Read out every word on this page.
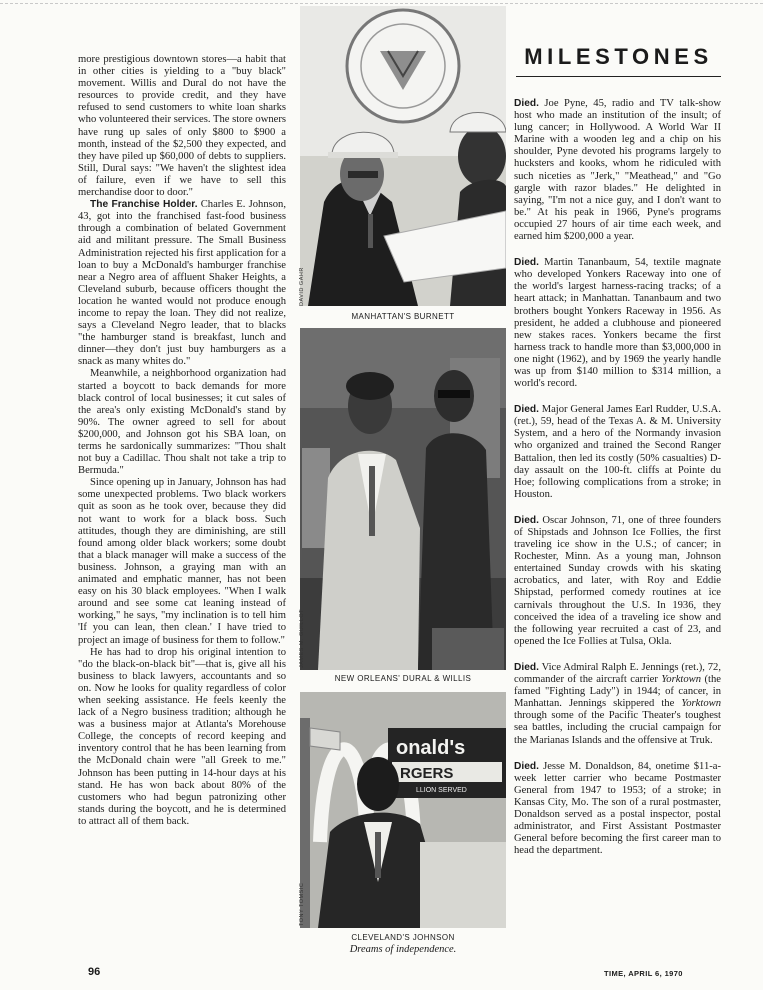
more prestigious downtown stores—a habit that in other cities is yielding to a "buy black" movement. Willis and Dural do not have the resources to provide credit, and they have refused to send customers to white loan sharks who volunteered their services. The store owners have rung up sales of only $800 to $900 a month, instead of the $2,500 they expected, and they have piled up $60,000 of debts to suppliers. Still, Dural says: "We haven't the slightest idea of failure, even if we have to sell this merchandise door to door."

The Franchise Holder. Charles E. Johnson, 43, got into the franchised fast-food business through a combination of belated Government aid and militant pressure. The Small Business Administration rejected his first application for a loan to buy a McDonald's hamburger franchise near a Negro area of affluent Shaker Heights, a Cleveland suburb, because officers thought the location he wanted would not produce enough income to repay the loan. They did not realize, says a Cleveland Negro leader, that to blacks "the hamburger stand is breakfast, lunch and dinner—they don't just buy hamburgers as a snack as many whites do."

Meanwhile, a neighborhood organization had started a boycott to back demands for more black control of local businesses; it cut sales of the area's only existing McDonald's stand by 90%. The owner agreed to sell for about $200,000, and Johnson got his SBA loan, on terms he sardonically summarizes: "Thou shalt not buy a Cadillac. Thou shalt not take a trip to Bermuda."

Since opening up in January, Johnson has had some unexpected problems. Two black workers quit as soon as he took over, because they did not want to work for a black boss. Such attitudes, though they are diminishing, are still found among older black workers; some doubt that a black manager will make a success of the business. Johnson, a graying man with an animated and emphatic manner, has not been easy on his 30 black employees. "When I walk around and see some cat leaning instead of working," he says, "my inclination is to tell him 'If you can lean, then clean.' I have tried to project an image of business for them to follow."

He has had to drop his original intention to "do the black-on-black bit"—that is, give all his business to black lawyers, accountants and so on. Now he looks for quality regardless of color when seeking assistance. He feels keenly the lack of a Negro business tradition; although he was a business major at Atlanta's Morehouse College, the concepts of record keeping and inventory control that he has been learning from the McDonald chain were "all Greek to me." Johnson has been putting in 14-hour days at his stand. He has won back about 80% of the customers who had begun patronizing other stands during the boycott, and he is determined to attract all of them back.

DAVID GAHR
MANHATTAN'S BURNETT
JAMES M. GUILLOT
NEW ORLEANS' DURAL & WILLIS
onald's
RGERS
LLION SERVED
TONY TOMSIC
CLEVELAND'S JOHNSON
Dreams of independence.
MILESTONES

Died. Joe Pyne, 45, radio and TV talk-show host who made an institution of the insult; of lung cancer; in Hollywood. A World War II Marine with a wooden leg and a chip on his shoulder, Pyne devoted his programs largely to hucksters and kooks, whom he ridiculed with such niceties as "Jerk," "Meathead," and "Go gargle with razor blades." He delighted in saying, "I'm not a nice guy, and I don't want to be." At his peak in 1966, Pyne's programs occupied 27 hours of air time each week, and earned him $200,000 a year.

Died. Martin Tananbaum, 54, textile magnate who developed Yonkers Raceway into one of the world's largest harness-racing tracks; of a heart attack; in Manhattan. Tananbaum and two brothers bought Yonkers Raceway in 1956. As president, he added a clubhouse and pioneered new stakes races. Yonkers became the first harness track to handle more than $3,000,000 in one night (1962), and by 1969 the yearly handle was up from $140 million to $314 million, a world's record.

Died. Major General James Earl Rudder, U.S.A. (ret.), 59, head of the Texas A. & M. University System, and a hero of the Normandy invasion who organized and trained the Second Ranger Battalion, then led its costly (50% casualties) D-day assault on the 100-ft. cliffs at Pointe du Hoe; following complications from a stroke; in Houston.

Died. Oscar Johnson, 71, one of three founders of Shipstads and Johnson Ice Follies, the first traveling ice show in the U.S.; of cancer; in Rochester, Minn. As a young man, Johnson entertained Sunday crowds with his skating acrobatics, and later, with Roy and Eddie Shipstad, performed comedy routines at ice carnivals throughout the U.S. In 1936, they conceived the idea of a traveling ice show and the following year recruited a cast of 23, and opened the Ice Follies at Tulsa, Okla.

Died. Vice Admiral Ralph E. Jennings (ret.), 72, commander of the aircraft carrier Yorktown (the famed "Fighting Lady") in 1944; of cancer, in Manhattan. Jennings skippered the Yorktown through some of the Pacific Theater's toughest sea battles, including the crucial campaign for the Marianas Islands and the offensive at Truk.

Died. Jesse M. Donaldson, 84, onetime $11-a-week letter carrier who became Postmaster General from 1947 to 1953; of a stroke; in Kansas City, Mo. The son of a rural postmaster, Donaldson served as a postal inspector, postal administrator, and First Assistant Postmaster General before becoming the first career man to head the department.

96	TIME, APRIL 6, 1970
